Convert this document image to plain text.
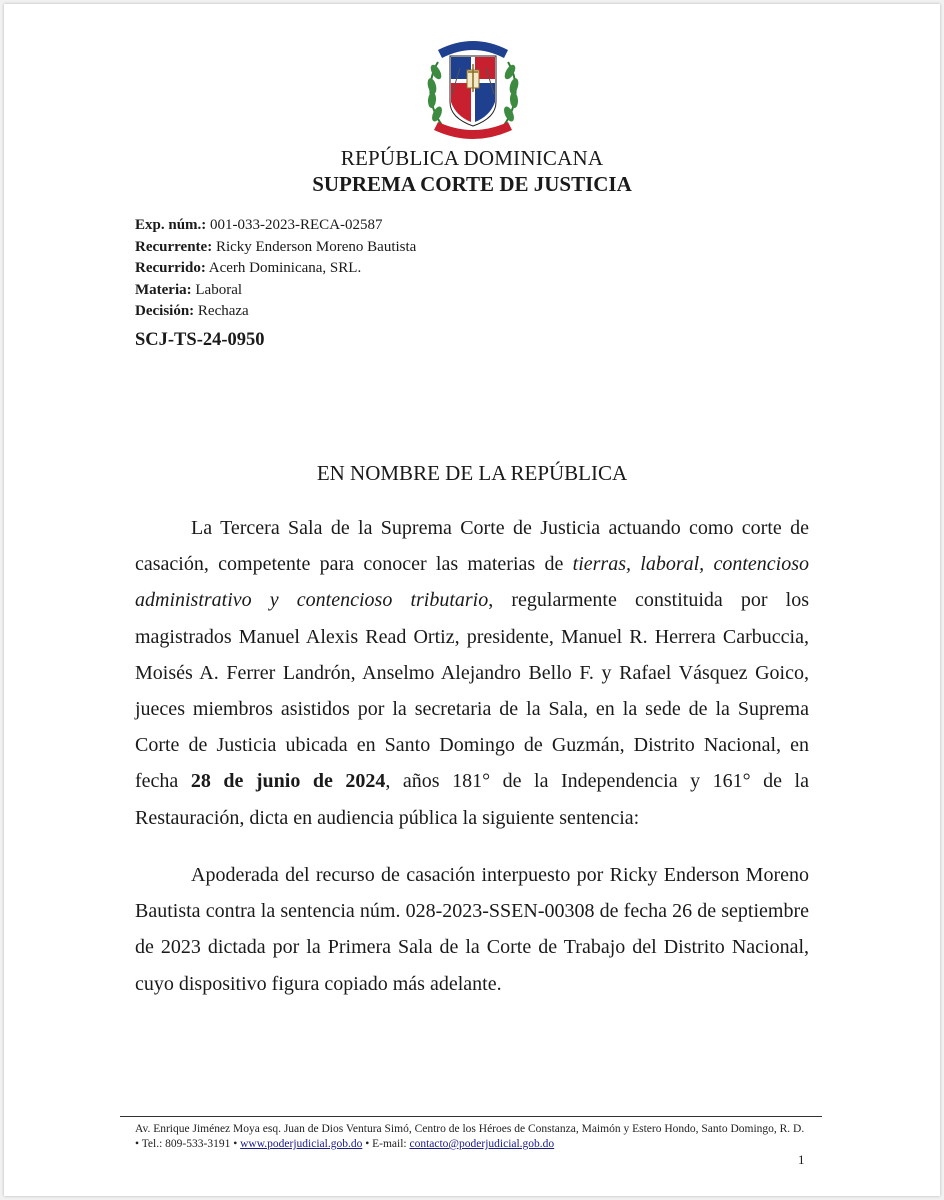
REPÚBLICA DOMINICANA
SUPREMA CORTE DE JUSTICIA
Exp. núm.: 001-033-2023-RECA-02587
Recurrente: Ricky Enderson Moreno Bautista
Recurrido: Acerh Dominicana, SRL.
Materia: Laboral
Decisión: Rechaza
SCJ-TS-24-0950
EN NOMBRE DE LA REPÚBLICA

La Tercera Sala de la Suprema Corte de Justicia actuando como corte de casación, competente para conocer las materias de tierras, laboral, contencioso administrativo y contencioso tributario, regularmente constituida por los magistrados Manuel Alexis Read Ortiz, presidente, Manuel R. Herrera Carbuccia, Moisés A. Ferrer Landrón, Anselmo Alejandro Bello F. y Rafael Vásquez Goico, jueces miembros asistidos por la secretaria de la Sala, en la sede de la Suprema Corte de Justicia ubicada en Santo Domingo de Guzmán, Distrito Nacional, en fecha 28 de junio de 2024, años 181° de la Independencia y 161° de la Restauración, dicta en audiencia pública la siguiente sentencia:

Apoderada del recurso de casación interpuesto por Ricky Enderson Moreno Bautista contra la sentencia núm. 028-2023-SSEN-00308 de fecha 26 de septiembre de 2023 dictada por la Primera Sala de la Corte de Trabajo del Distrito Nacional, cuyo dispositivo figura copiado más adelante.

Av. Enrique Jiménez Moya esq. Juan de Dios Ventura Simó, Centro de los Héroes de Constanza, Maimón y Estero Hondo, Santo Domingo, R. D. • Tel.: 809-533-3191 • www.poderjudicial.gob.do • E-mail: contacto@poderjudicial.gob.do
1
